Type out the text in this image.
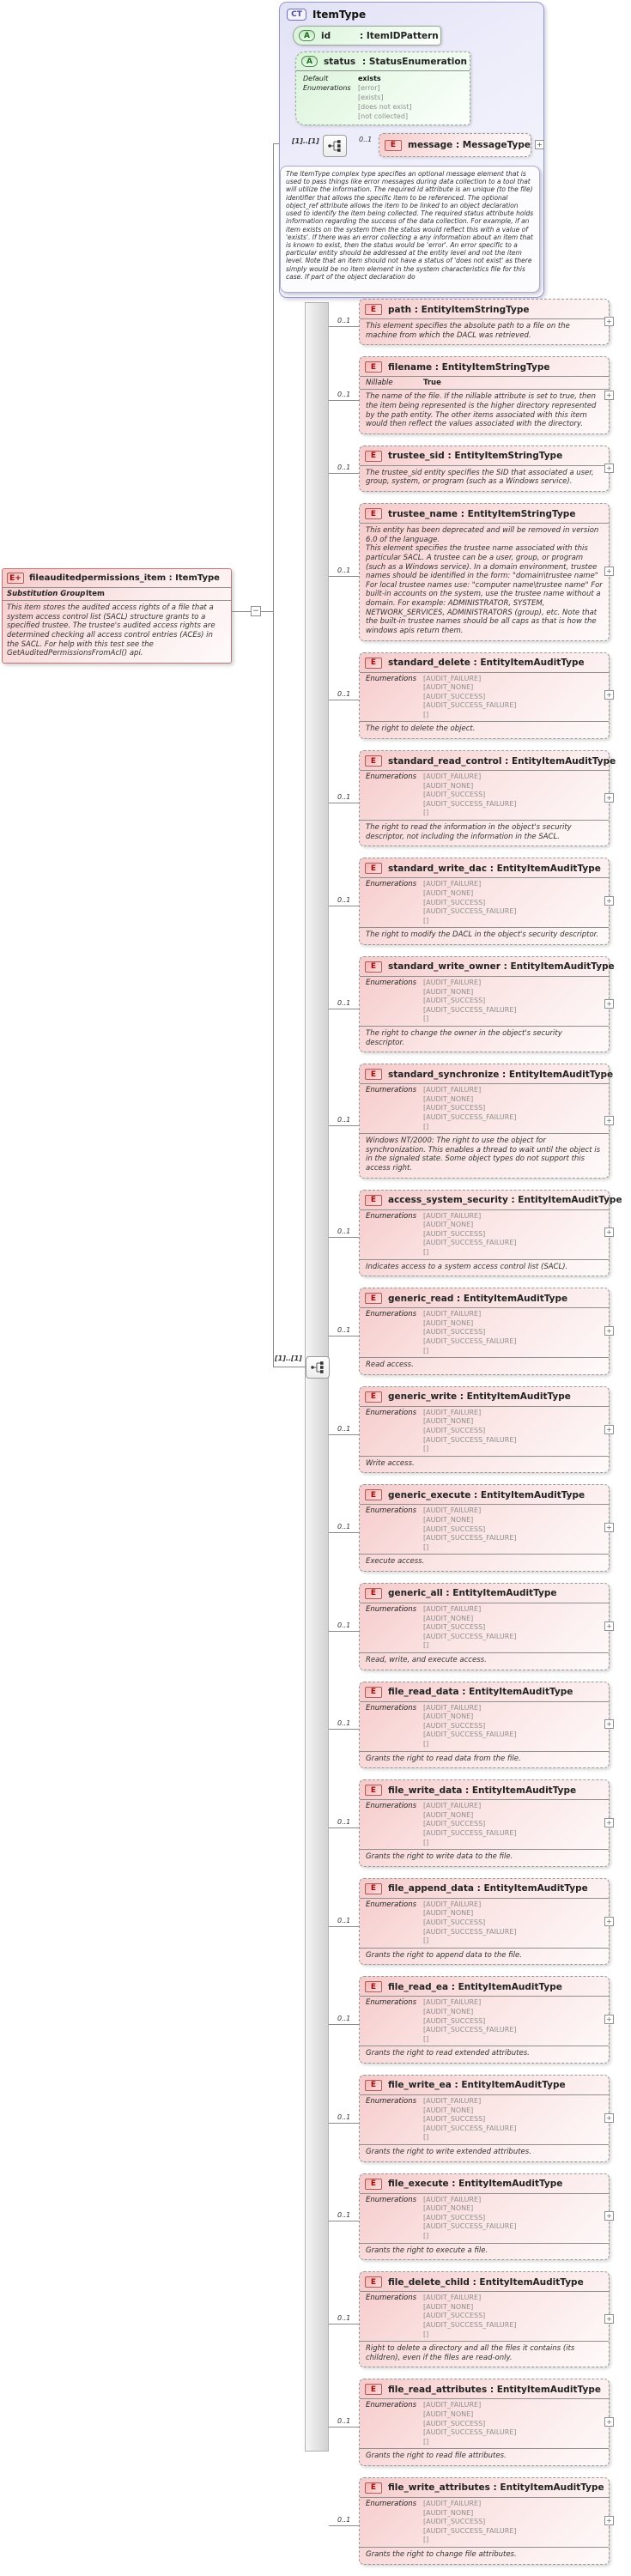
CT	ItemType
A	id	: ItemIDPattern
A	status : StatusEnumeration
Default	exists
Enumerations	[error]
[exists]
[does not exist]
[not collected]
[1]..[1]	0..1
E	message : MessageType +
The ItemType complex type specifies an optional message element that is used to pass things like error messages during data collection to a tool that will utilize the information. The required id attribute is an unique (to the file) identifier that allows the specific item to be referenced. The optional object_ref attribute allows the item to be linked to an object declaration used to identify the item being collected. The required status attribute holds information regarding the success of the data collection. For example, if an item exists on the system then the status would reflect this with a value of 'exists'. If there was an error collecting a any information about an item that is known to exist, then the status would be 'error'. An error specific to a particular entity should be addressed at the entity level and not the item level. Note that an item should not have a status of 'does not exist' as there simply would be no item element in the system characteristics file for this case. If part of the object declaration do
E + fileauditedpermissions_item : ItemType
Substitution Group Item
This item stores the audited access rights of a file that a system access control list (SACL) structure grants to a specified trustee. The trustee's audited access rights are determined checking all access control entries (ACEs) in the SACL. For help with this test see the GetAuditedPermissionsFromAcl() api.
−
[1]..[1]
0..1
E	path : EntityItemStringType
This element specifies the absolute path to a file on the machine from which the DACL was retrieved.
+
0..1
E	filename : EntityItemStringType
Nillable	True
The name of the file. If the nillable attribute is set to true, then the item being represented is the higher directory represented by the path entity. The other items associated with this item would then reflect the values associated with the directory.
+
0..1
E	trustee_sid : EntityItemStringType
The trustee_sid entity specifies the SID that associated a user, group, system, or program (such as a Windows service).
+
0..1
E	trustee_name : EntityItemStringType
This entity has been deprecated and will be removed in version 6.0 of the language.
This element specifies the trustee name associated with this particular SACL. A trustee can be a user, group, or program (such as a Windows service). In a domain environment, trustee names should be identified in the form: "domain\trustee name" For local trustee names use: "computer name\trustee name" For built-in accounts on the system, use the trustee name without a domain. For example: ADMINISTRATOR, SYSTEM, NETWORK_SERVICES, ADMINISTRATORS (group), etc. Note that the built-in trustee names should be all caps as that is how the windows apis return them.
+
0..1
E	standard_delete : EntityItemAuditType
Enumerations [AUDIT_FAILURE]
[AUDIT_NONE]
[AUDIT_SUCCESS]
[AUDIT_SUCCESS_FAILURE]
[]
The right to delete the object.
+
0..1
E	standard_read_control : EntityItemAuditType
Enumerations [AUDIT_FAILURE]
[AUDIT_NONE]
[AUDIT_SUCCESS]
[AUDIT_SUCCESS_FAILURE]
[]
The right to read the information in the object's security descriptor, not including the information in the SACL.
+
0..1
E	standard_write_dac : EntityItemAuditType
Enumerations [AUDIT_FAILURE]
[AUDIT_NONE]
[AUDIT_SUCCESS]
[AUDIT_SUCCESS_FAILURE]
[]
The right to modify the DACL in the object's security descriptor.
+
0..1
E	standard_write_owner : EntityItemAuditType
Enumerations [AUDIT_FAILURE]
[AUDIT_NONE]
[AUDIT_SUCCESS]
[AUDIT_SUCCESS_FAILURE]
[]
The right to change the owner in the object's security descriptor.
+
0..1
E	standard_synchronize : EntityItemAuditType
Enumerations [AUDIT_FAILURE]
[AUDIT_NONE]
[AUDIT_SUCCESS]
[AUDIT_SUCCESS_FAILURE]
[]
Windows NT/2000: The right to use the object for synchronization. This enables a thread to wait until the object is in the signaled state. Some object types do not support this access right.
+
0..1
E	access_system_security : EntityItemAuditType
Enumerations [AUDIT_FAILURE]
[AUDIT_NONE]
[AUDIT_SUCCESS]
[AUDIT_SUCCESS_FAILURE]
[]
Indicates access to a system access control list (SACL).
+
0..1
E	generic_read : EntityItemAuditType
Enumerations [AUDIT_FAILURE]
[AUDIT_NONE]
[AUDIT_SUCCESS]
[AUDIT_SUCCESS_FAILURE]
[]
Read access.
+
0..1
E	generic_write : EntityItemAuditType
Enumerations [AUDIT_FAILURE]
[AUDIT_NONE]
[AUDIT_SUCCESS]
[AUDIT_SUCCESS_FAILURE]
[]
Write access.
+
0..1
E	generic_execute : EntityItemAuditType
Enumerations [AUDIT_FAILURE]
[AUDIT_NONE]
[AUDIT_SUCCESS]
[AUDIT_SUCCESS_FAILURE]
[]
Execute access.
+
0..1
E	generic_all : EntityItemAuditType
Enumerations [AUDIT_FAILURE]
[AUDIT_NONE]
[AUDIT_SUCCESS]
[AUDIT_SUCCESS_FAILURE]
[]
Read, write, and execute access.
+
0..1
E	file_read_data : EntityItemAuditType
Enumerations [AUDIT_FAILURE]
[AUDIT_NONE]
[AUDIT_SUCCESS]
[AUDIT_SUCCESS_FAILURE]
[]
Grants the right to read data from the file.
+
0..1
E	file_write_data : EntityItemAuditType
Enumerations [AUDIT_FAILURE]
[AUDIT_NONE]
[AUDIT_SUCCESS]
[AUDIT_SUCCESS_FAILURE]
[]
Grants the right to write data to the file.
+
0..1
E	file_append_data : EntityItemAuditType
Enumerations [AUDIT_FAILURE]
[AUDIT_NONE]
[AUDIT_SUCCESS]
[AUDIT_SUCCESS_FAILURE]
[]
Grants the right to append data to the file.
+
0..1
E	file_read_ea : EntityItemAuditType
Enumerations [AUDIT_FAILURE]
[AUDIT_NONE]
[AUDIT_SUCCESS]
[AUDIT_SUCCESS_FAILURE]
[]
Grants the right to read extended attributes.
+
0..1
E	file_write_ea : EntityItemAuditType
Enumerations [AUDIT_FAILURE]
[AUDIT_NONE]
[AUDIT_SUCCESS]
[AUDIT_SUCCESS_FAILURE]
[]
Grants the right to write extended attributes.
+
0..1
E	file_execute : EntityItemAuditType
Enumerations [AUDIT_FAILURE]
[AUDIT_NONE]
[AUDIT_SUCCESS]
[AUDIT_SUCCESS_FAILURE]
[]
Grants the right to execute a file.
+
0..1
E	file_delete_child : EntityItemAuditType
Enumerations [AUDIT_FAILURE]
[AUDIT_NONE]
[AUDIT_SUCCESS]
[AUDIT_SUCCESS_FAILURE]
[]
Right to delete a directory and all the files it contains (its children), even if the files are read-only.
+
0..1
E	file_read_attributes : EntityItemAuditType
Enumerations [AUDIT_FAILURE]
[AUDIT_NONE]
[AUDIT_SUCCESS]
[AUDIT_SUCCESS_FAILURE]
[]
Grants the right to read file attributes.
+
0..1
E	file_write_attributes : EntityItemAuditType
Enumerations [AUDIT_FAILURE]
[AUDIT_NONE]
[AUDIT_SUCCESS]
[AUDIT_SUCCESS_FAILURE]
[]
Grants the right to change file attributes.
+
